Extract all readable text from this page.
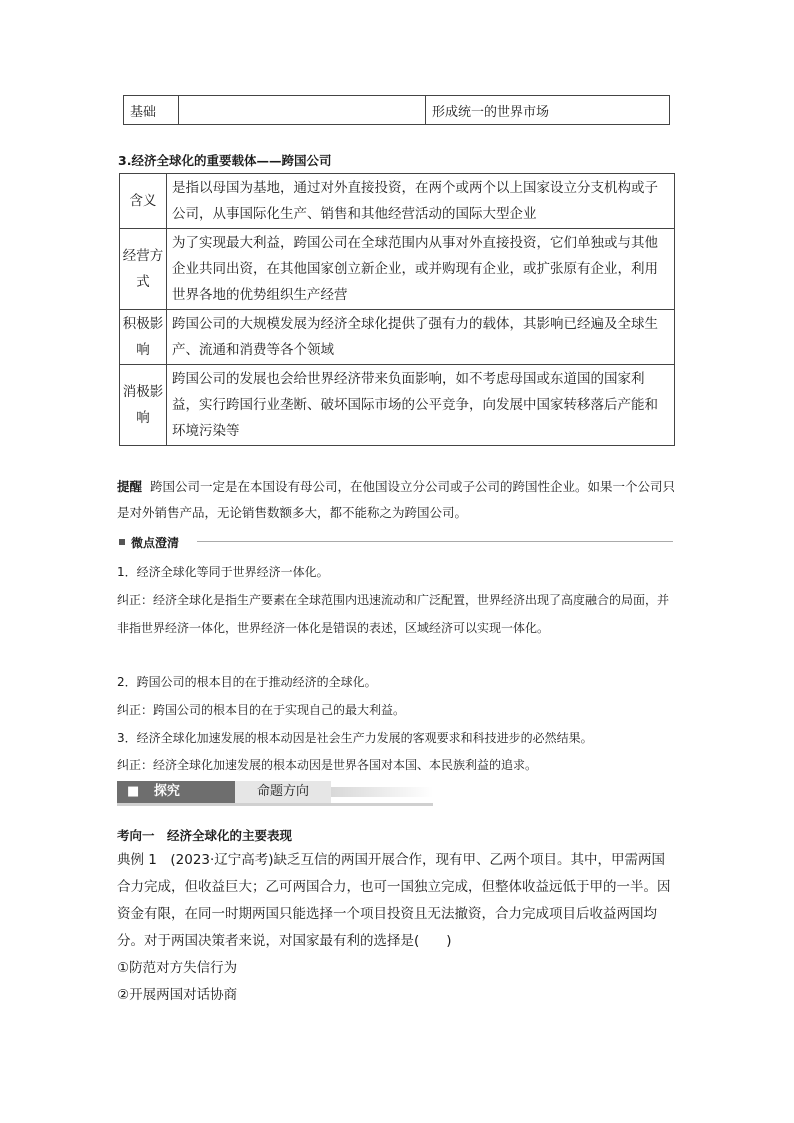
基础		形成统一的世界市场
3.经济全球化的重要载体——跨国公司
含义	是指以母国为基地，通过对外直接投资，在两个或两个以上国家设立分支机构或子公司，从事国际化生产、销售和其他经营活动的国际大型企业
经营方式	为了实现最大利益，跨国公司在全球范围内从事对外直接投资，它们单独或与其他企业共同出资，在其他国家创立新企业，或并购现有企业，或扩张原有企业，利用世界各地的优势组织生产经营
积极影响	跨国公司的大规模发展为经济全球化提供了强有力的载体，其影响已经遍及全球生产、流通和消费等各个领域
消极影响	跨国公司的发展也会给世界经济带来负面影响，如不考虑母国或东道国的国家利益，实行跨国行业垄断、破坏国际市场的公平竞争，向发展中国家转移落后产能和环境污染等
提醒 跨国公司一定是在本国设有母公司，在他国设立分公司或子公司的跨国性企业。如果一个公司只是对外销售产品，无论销售数额多大，都不能称之为跨国公司。
微点澄清
1．经济全球化等同于世界经济一体化。
纠正：经济全球化是指生产要素在全球范围内迅速流动和广泛配置，世界经济出现了高度融合的局面，并非指世界经济一体化，世界经济一体化是错误的表述，区域经济可以实现一体化。
2．跨国公司的根本目的在于推动经济的全球化。
纠正：跨国公司的根本目的在于实现自己的最大利益。
3．经济全球化加速发展的根本动因是社会生产力发展的客观要求和科技进步的必然结果。
纠正：经济全球化加速发展的根本动因是世界各国对本国、本民族利益的追求。
■ 探究	命题方向
考向一　经济全球化的主要表现
典例 1　(2023·辽宁高考)缺乏互信的两国开展合作，现有甲、乙两个项目。其中，甲需两国合力完成，但收益巨大；乙可两国合力，也可一国独立完成，但整体收益远低于甲的一半。因资金有限，在同一时期两国只能选择一个项目投资且无法撤资，合力完成项目后收益两国均分。对于两国决策者来说，对国家最有利的选择是(　　)
①防范对方失信行为
②开展两国对话协商
